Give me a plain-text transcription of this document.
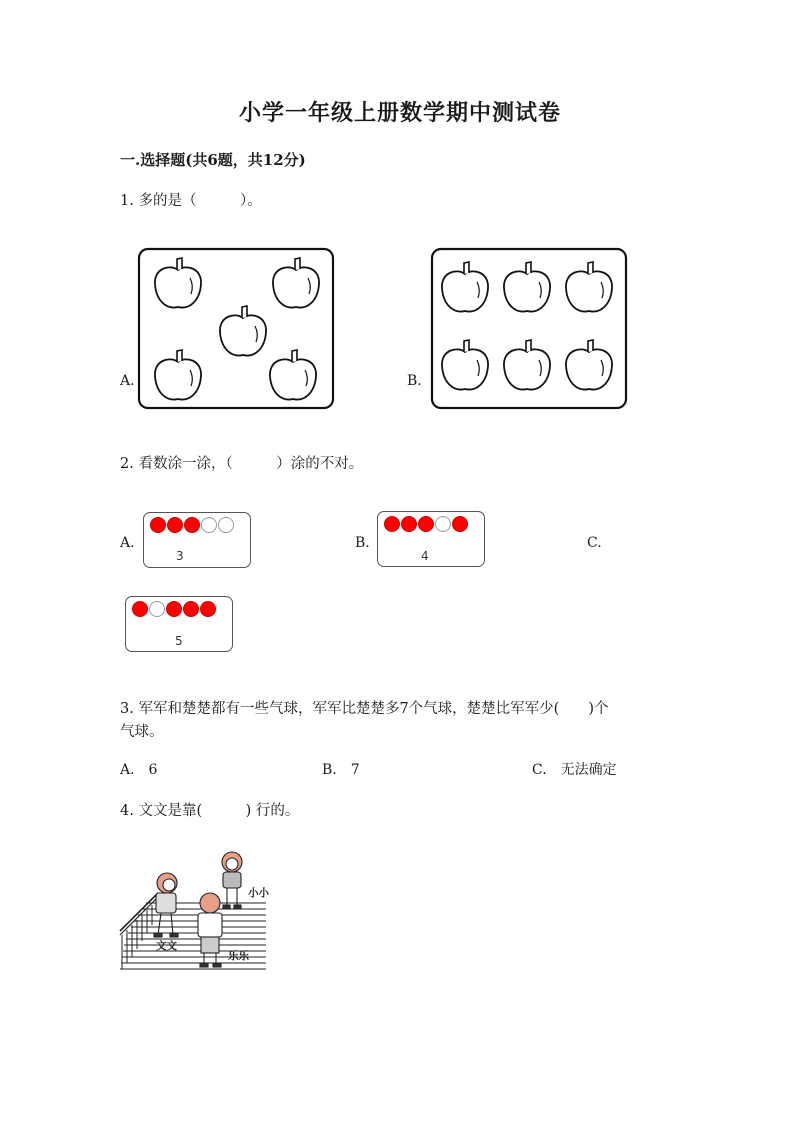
小学一年级上册数学期中测试卷
一.选择题(共6题，共12分)
1. 多的是（　　　）。
A.	B.
2. 看数涂一涂，（　　　）涂的不对。
A.
3
B.
4
C.
5
3. 军军和楚楚都有一些气球，军军比楚楚多7个气球，楚楚比军军少(　　)个
气球。
A.　6	B.　7	C.　无法确定
4. 文文是靠(　　　) 行的。
小小
文文
乐乐
